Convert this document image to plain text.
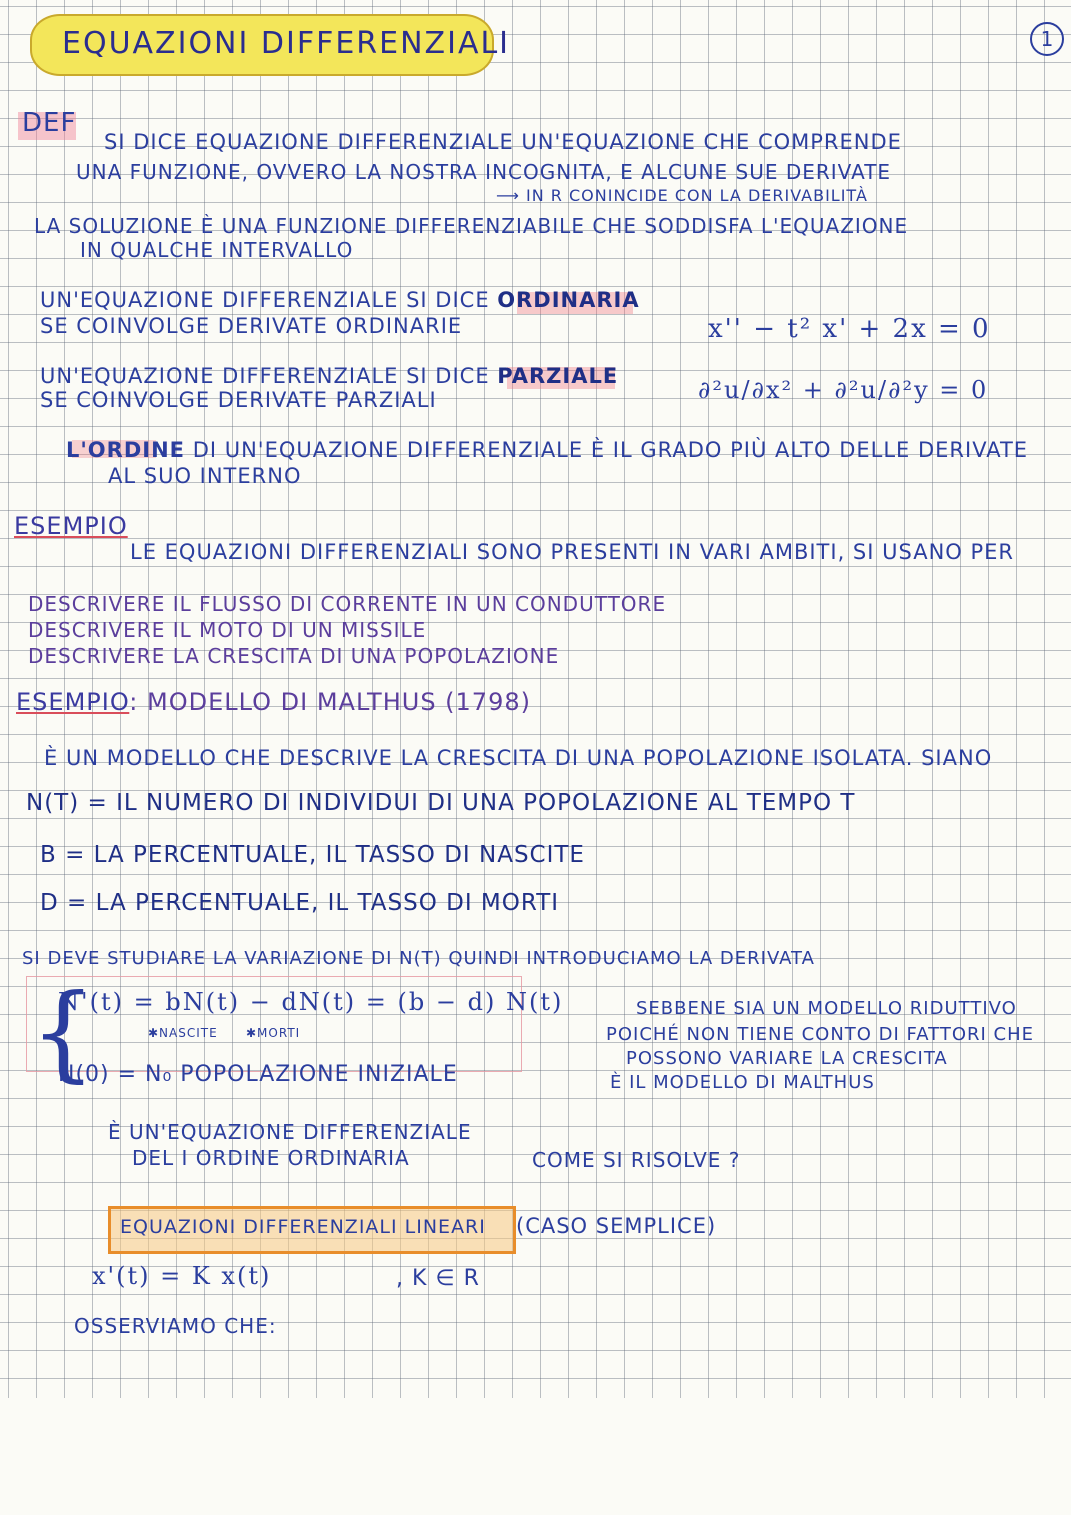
EQUAZIONI DIFFERENZIALI	1
DEF
SI DICE EQUAZIONE DIFFERENZIALE UN'EQUAZIONE CHE COMPRENDE
UNA FUNZIONE, OVVERO LA NOSTRA INCOGNITA, E ALCUNE SUE DERIVATE
⟶ IN R CONINCIDE CON LA DERIVABILITÀ
LA SOLUZIONE È UNA FUNZIONE DIFFERENZIABILE CHE SODDISFA L'EQUAZIONE
IN QUALCHE INTERVALLO
UN'EQUAZIONE DIFFERENZIALE SI DICE ORDINARIA
SE COINVOLGE DERIVATE ORDINARIE	x'' − t² x' + 2x = 0
UN'EQUAZIONE DIFFERENZIALE SI DICE PARZIALE
SE COINVOLGE DERIVATE PARZIALI	∂²u/∂x² + ∂²u/∂²y = 0
L'ORDINE DI UN'EQUAZIONE DIFFERENZIALE È IL GRADO PIÙ ALTO DELLE DERIVATE
AL SUO INTERNO
ESEMPIO
LE EQUAZIONI DIFFERENZIALI SONO PRESENTI IN VARI AMBITI, SI USANO PER
DESCRIVERE IL FLUSSO DI CORRENTE IN UN CONDUTTORE
DESCRIVERE IL MOTO DI UN MISSILE
DESCRIVERE LA CRESCITA DI UNA POPOLAZIONE
ESEMPIO: MODELLO DI MALTHUS (1798)
È UN MODELLO CHE DESCRIVE LA CRESCITA DI UNA POPOLAZIONE ISOLATA. SIANO
N(T) = IL NUMERO DI INDIVIDUI DI UNA POPOLAZIONE AL TEMPO T
B = LA PERCENTUALE, IL TASSO DI NASCITE
D = LA PERCENTUALE, IL TASSO DI MORTI
SI DEVE STUDIARE LA VARIAZIONE DI N(T) QUINDI INTRODUCIAMO LA DERIVATA
{
N'(t) = bN(t) − dN(t) = (b − d) N(t)
✱NASCITE ✱MORTI
N(0) = N₀ POPOLAZIONE INIZIALE
SEBBENE SIA UN MODELLO RIDUTTIVO
POICHÉ NON TIENE CONTO DI FATTORI CHE
POSSONO VARIARE LA CRESCITA
È IL MODELLO DI MALTHUS
È UN'EQUAZIONE DIFFERENZIALE
DEL I ORDINE ORDINARIA	COME SI RISOLVE ?
EQUAZIONI DIFFERENZIALI LINEARI (CASO SEMPLICE)
x'(t) = K x(t)	, K ∈ R
OSSERVIAMO CHE:
